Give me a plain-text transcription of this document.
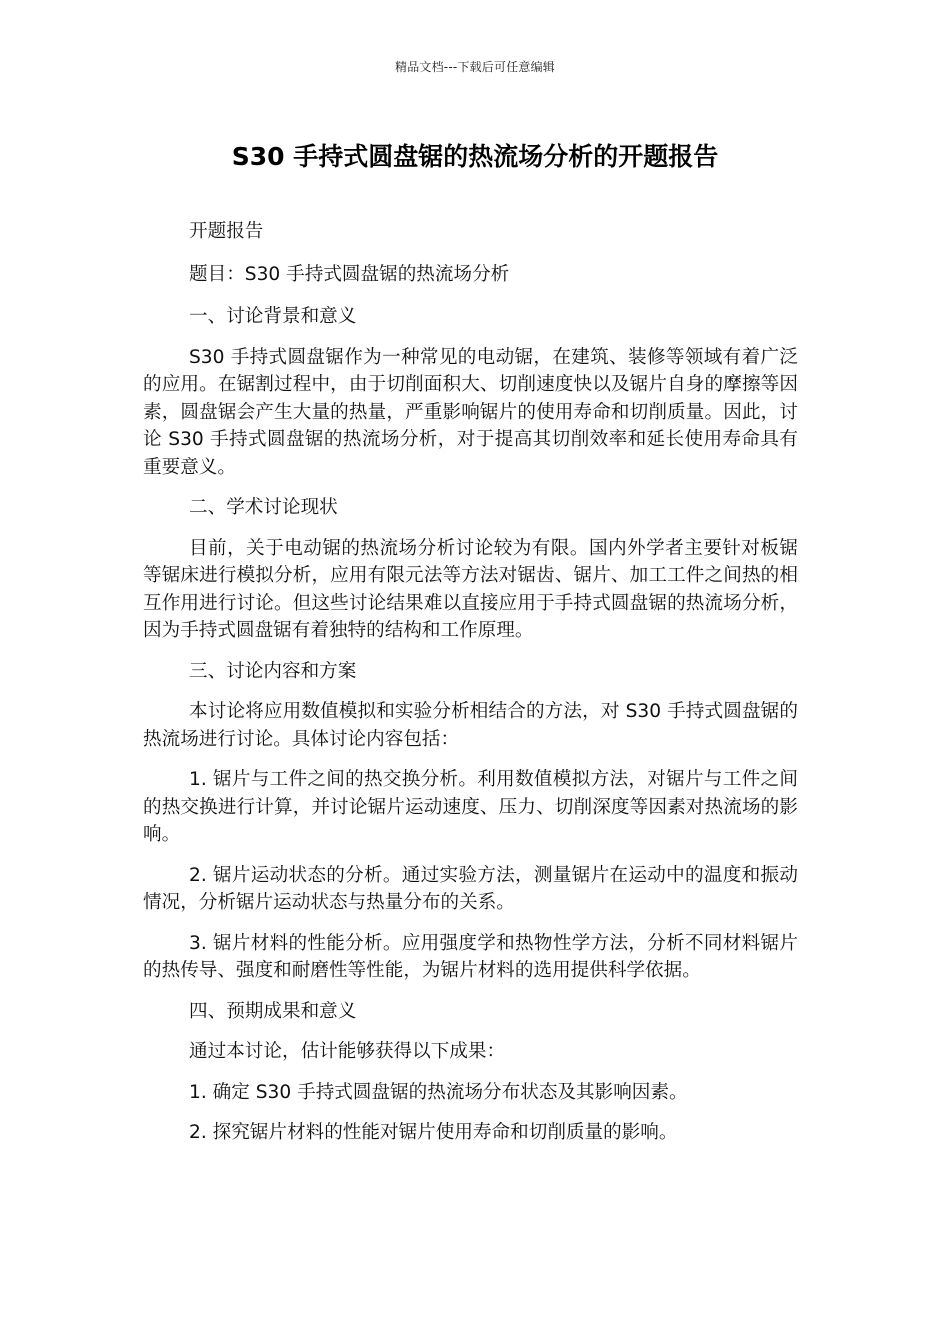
精品文档---下载后可任意编辑
S30 手持式圆盘锯的热流场分析的开题报告

开题报告

题目：S30 手持式圆盘锯的热流场分析

一、讨论背景和意义

S30 手持式圆盘锯作为一种常见的电动锯，在建筑、装修等领域有着广泛的应用。在锯割过程中，由于切削面积大、切削速度快以及锯片自身的摩擦等因素，圆盘锯会产生大量的热量，严重影响锯片的使用寿命和切削质量。因此，讨论 S30 手持式圆盘锯的热流场分析，对于提高其切削效率和延长使用寿命具有重要意义。

二、学术讨论现状

目前，关于电动锯的热流场分析讨论较为有限。国内外学者主要针对板锯等锯床进行模拟分析，应用有限元法等方法对锯齿、锯片、加工工件之间热的相互作用进行讨论。但这些讨论结果难以直接应用于手持式圆盘锯的热流场分析，因为手持式圆盘锯有着独特的结构和工作原理。

三、讨论内容和方案

本讨论将应用数值模拟和实验分析相结合的方法，对 S30 手持式圆盘锯的热流场进行讨论。具体讨论内容包括：

1. 锯片与工件之间的热交换分析。利用数值模拟方法，对锯片与工件之间的热交换进行计算，并讨论锯片运动速度、压力、切削深度等因素对热流场的影响。

2. 锯片运动状态的分析。通过实验方法，测量锯片在运动中的温度和振动情况，分析锯片运动状态与热量分布的关系。

3. 锯片材料的性能分析。应用强度学和热物性学方法，分析不同材料锯片的热传导、强度和耐磨性等性能，为锯片材料的选用提供科学依据。

四、预期成果和意义

通过本讨论，估计能够获得以下成果：

1. 确定 S30 手持式圆盘锯的热流场分布状态及其影响因素。

2. 探究锯片材料的性能对锯片使用寿命和切削质量的影响。
